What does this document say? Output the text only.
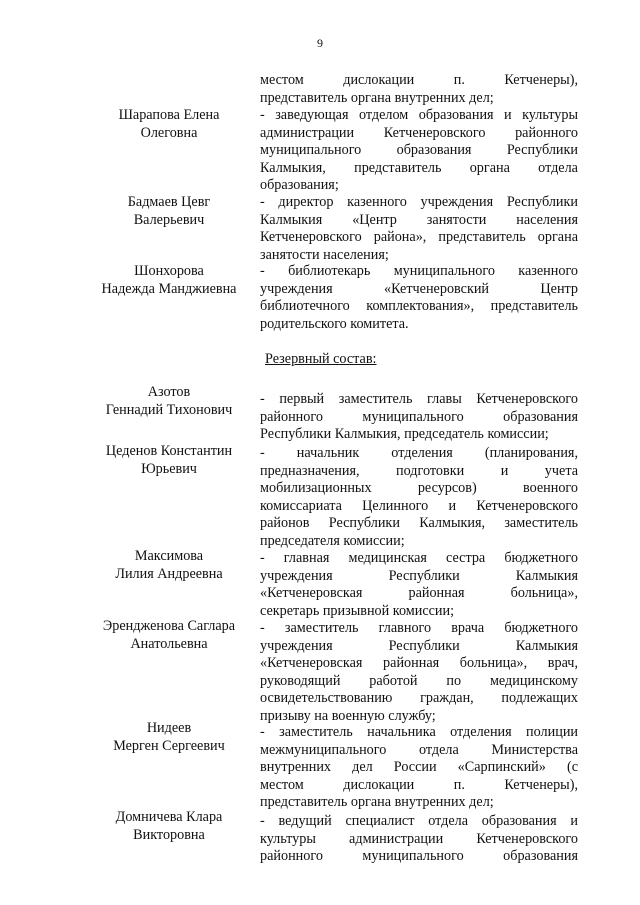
9
местом дислокации п. Кетченеры),
представитель органа внутренних дел;
Шарапова Елена
Олеговна
- заведующая отделом образования и культуры
администрации Кетченеровского районного
муниципального образования Республики
Калмыкия, представитель органа отдела
образования;
Бадмаев Цевг
Валерьевич
- директор казенного учреждения Республики
Калмыкия «Центр занятости населения
Кетченеровского района», представитель органа
занятости населения;
Шонхорова
Надежда Манджиевна
- библиотекарь муниципального казенного
учреждения «Кетченеровский Центр
библиотечного комплектования», представитель
родительского комитета.
Резервный состав:
Азотов
Геннадий Тихонович
- первый заместитель главы Кетченеровского
районного муниципального образования
Республики Калмыкия, председатель комиссии;
Цеденов Константин
Юрьевич
- начальник отделения (планирования,
предназначения, подготовки и учета
мобилизационных ресурсов) военного
комиссариата Целинного и Кетченеровского
районов Республики Калмыкия, заместитель
председателя комиссии;
Максимова
Лилия Андреевна
- главная медицинская сестра бюджетного
учреждения Республики Калмыкия
«Кетченеровская районная больница»,
секретарь призывной комиссии;
Эрендженова Саглара
Анатольевна
- заместитель главного врача бюджетного
учреждения Республики Калмыкия
«Кетченеровская районная больница», врач,
руководящий работой по медицинскому
освидетельствованию граждан, подлежащих
призыву на военную службу;
Нидеев
Мерген Сергеевич
- заместитель начальника отделения полиции
межмуниципального отдела Министерства
внутренних дел России «Сарпинский» (с
местом дислокации п. Кетченеры),
представитель органа внутренних дел;
Домничева Клара
Викторовна
- ведущий специалист отдела образования и
культуры администрации Кетченеровского
районного муниципального образования
